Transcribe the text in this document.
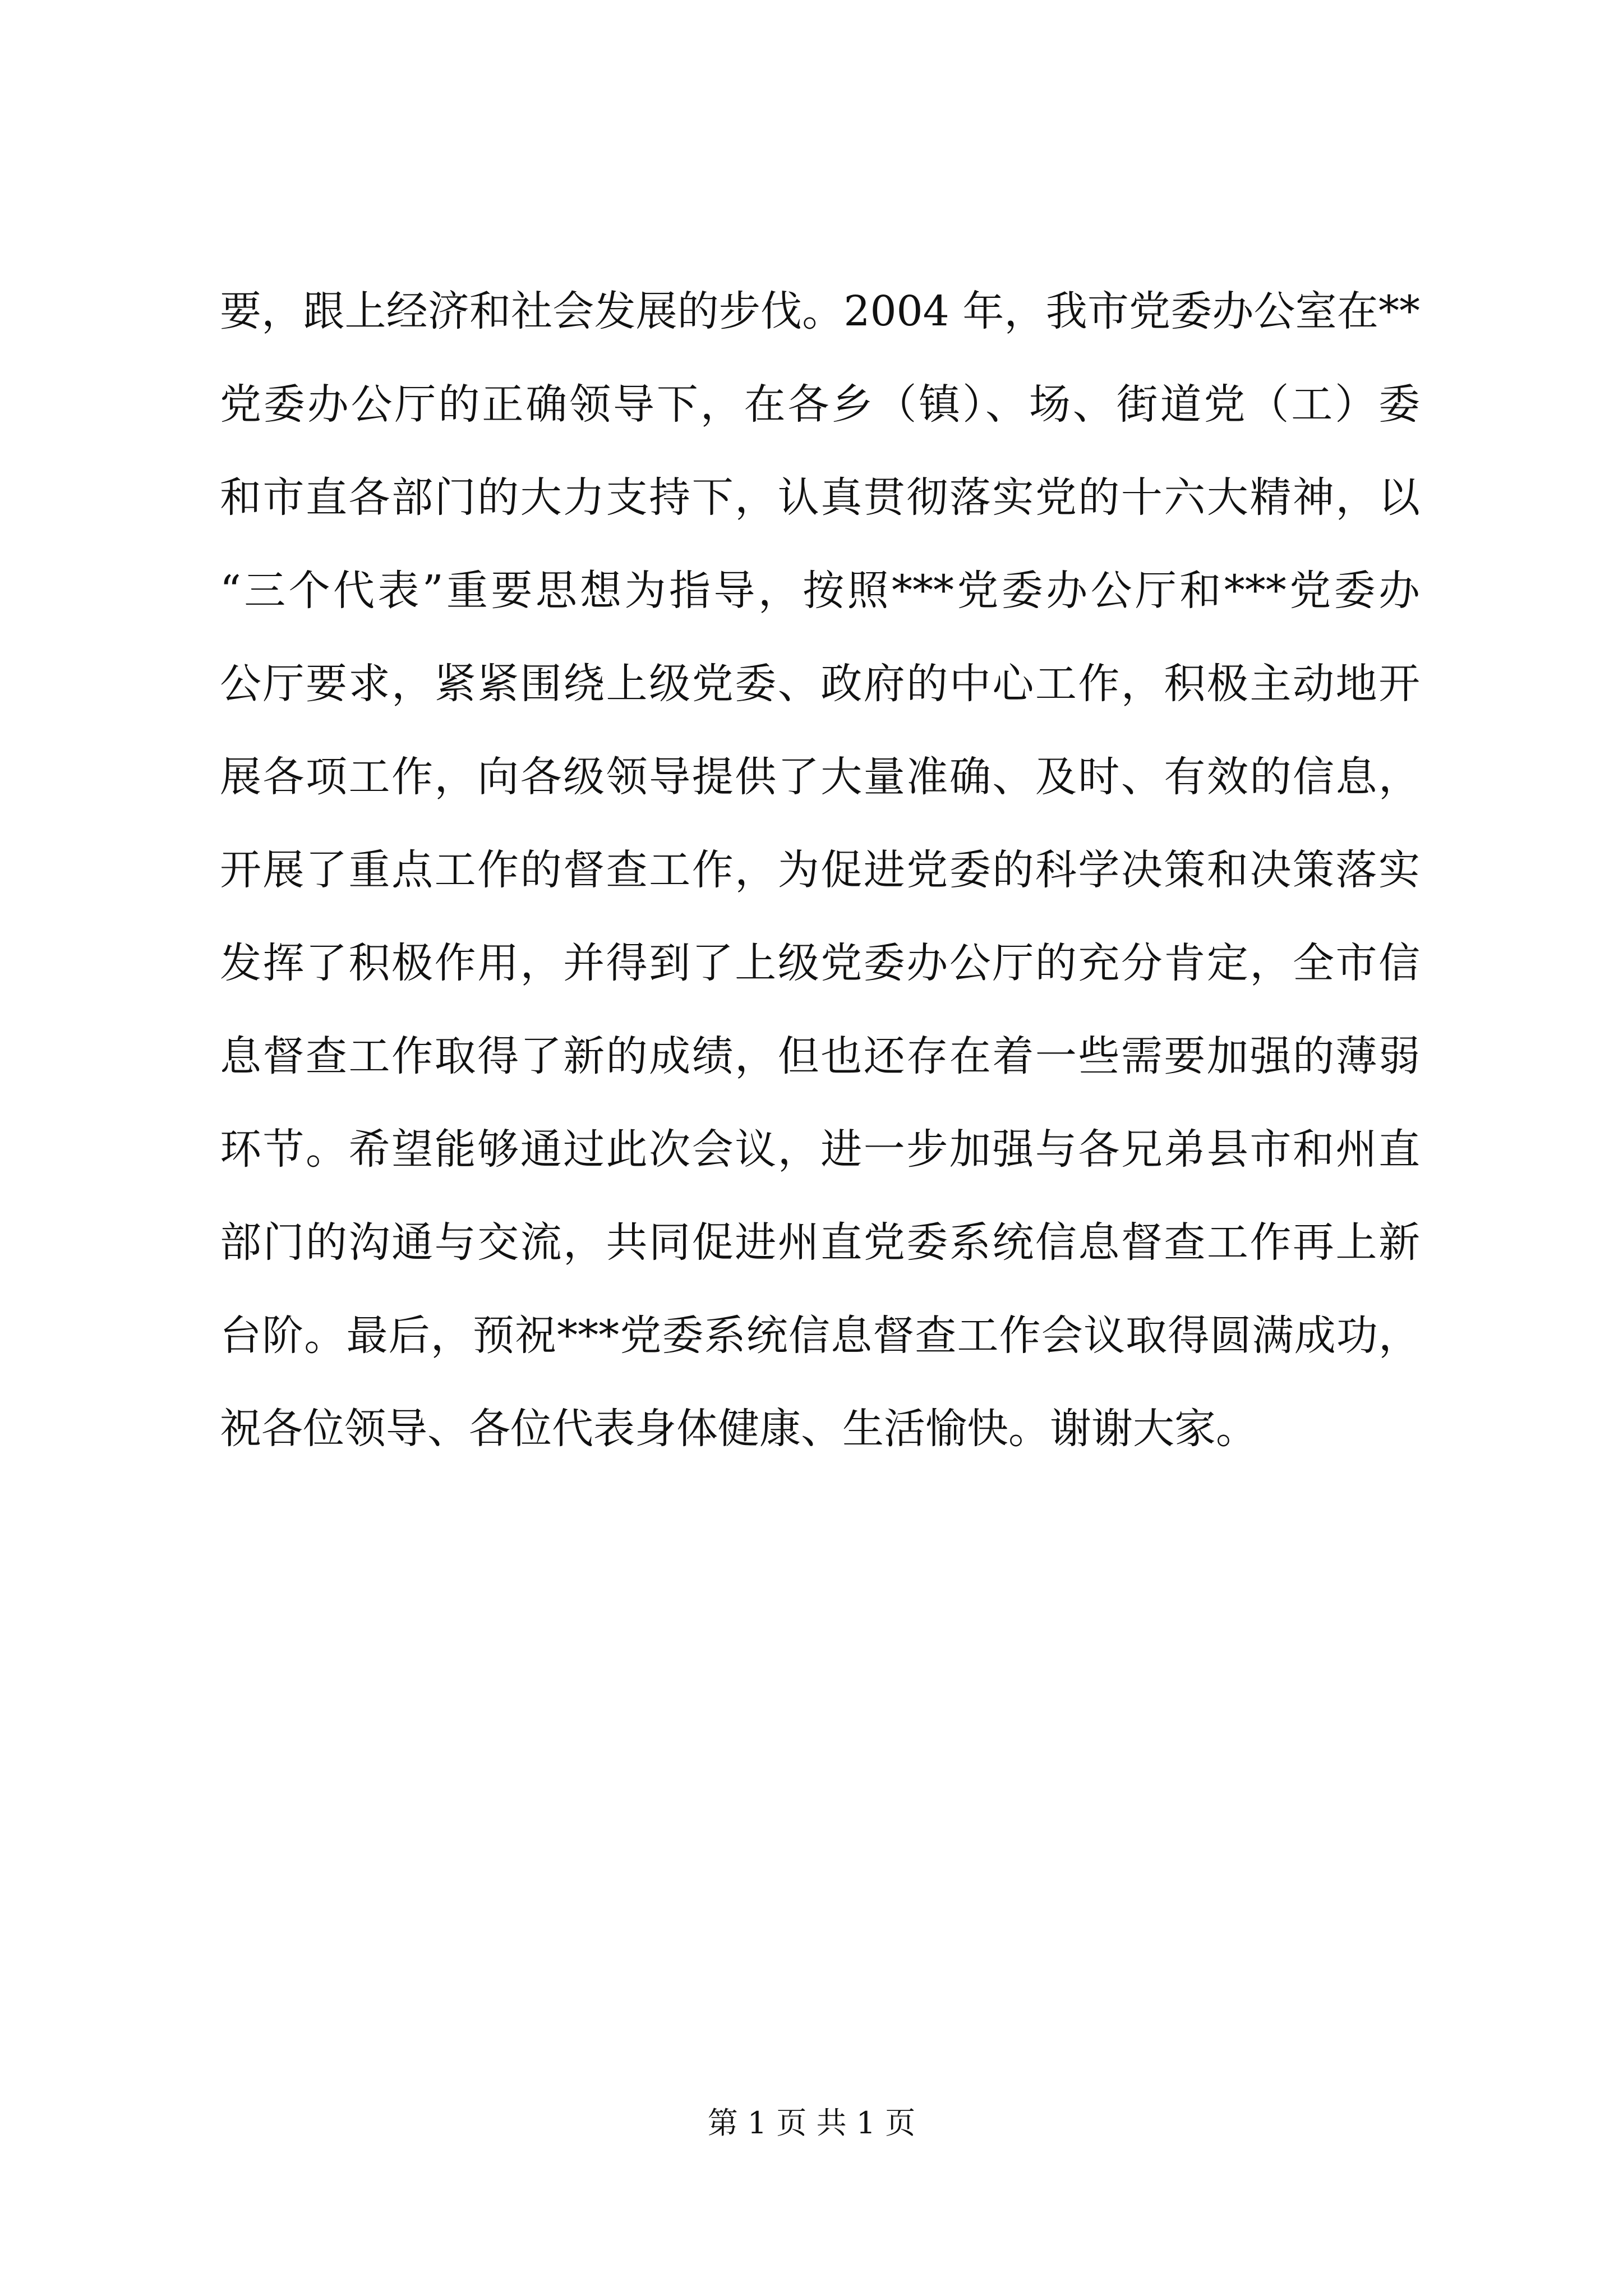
要，跟上经济和社会发展的步伐。2004 年，我市党委办公室在**
党委办公厅的正确领导下，在各乡（镇）、场、街道党（工）委
和市直各部门的大力支持下，认真贯彻落实党的十六大精神，以
“三个代表”重要思想为指导，按照***党委办公厅和***党委办
公厅要求，紧紧围绕上级党委、政府的中心工作，积极主动地开
展各项工作，向各级领导提供了大量准确、及时、有效的信息，
开展了重点工作的督查工作，为促进党委的科学决策和决策落实
发挥了积极作用，并得到了上级党委办公厅的充分肯定，全市信
息督查工作取得了新的成绩，但也还存在着一些需要加强的薄弱
环节。希望能够通过此次会议，进一步加强与各兄弟县市和州直
部门的沟通与交流，共同促进州直党委系统信息督查工作再上新
台阶。最后，预祝***党委系统信息督查工作会议取得圆满成功，
祝各位领导、各位代表身体健康、生活愉快。谢谢大家。
第 1 页 共 1 页
